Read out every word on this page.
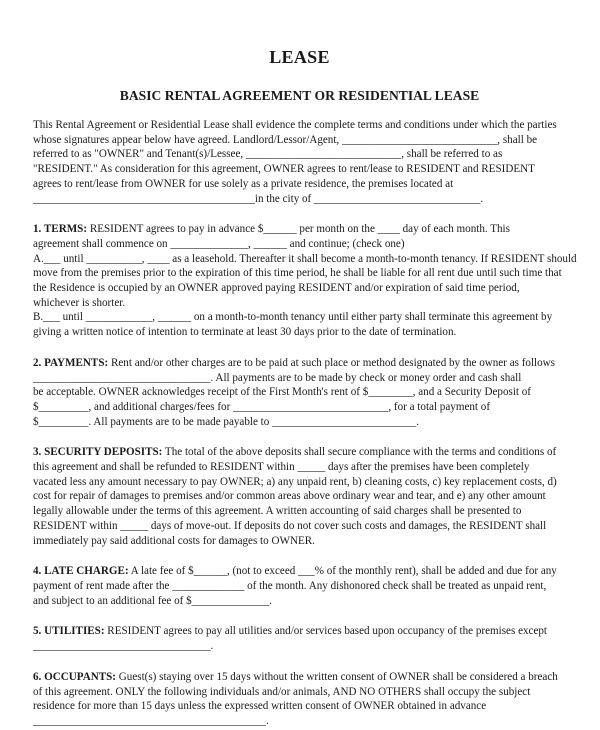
LEASE
BASIC RENTAL AGREEMENT OR RESIDENTIAL LEASE

This Rental Agreement or Residential Lease shall evidence the complete terms and conditions under which the parties
whose signatures appear below have agreed. Landlord/Lessor/Agent, ____________________________, shall be
referred to as "OWNER" and Tenant(s)/Lessee, ____________________________, shall be referred to as
"RESIDENT." As consideration for this agreement, OWNER agrees to rent/lease to RESIDENT and RESIDENT
agrees to rent/lease from OWNER for use solely as a private residence, the premises located at
________________________________________in the city of ______________________________.

1. TERMS: RESIDENT agrees to pay in advance $______ per month on the ____ day of each month. This
agreement shall commence on ______________, ______ and continue; (check one)
A.___ until __________, ____ as a leasehold. Thereafter it shall become a month-to-month tenancy. If RESIDENT should
move from the premises prior to the expiration of this time period, he shall be liable for all rent due until such time that
the Residence is occupied by an OWNER approved paying RESIDENT and/or expiration of said time period,
whichever is shorter.
B.___ until ____________, ______ on a month-to-month tenancy until either party shall terminate this agreement by
giving a written notice of intention to terminate at least 30 days prior to the date of termination.

2. PAYMENTS: Rent and/or other charges are to be paid at such place or method designated by the owner as follows
________________________________. All payments are to be made by check or money order and cash shall
be acceptable. OWNER acknowledges receipt of the First Month's rent of $________, and a Security Deposit of
$_________, and additional charges/fees for ____________________________, for a total payment of
$_________. All payments are to be made payable to __________________________.

3. SECURITY DEPOSITS: The total of the above deposits shall secure compliance with the terms and conditions of
this agreement and shall be refunded to RESIDENT within _____ days after the premises have been completely
vacated less any amount necessary to pay OWNER; a) any unpaid rent, b) cleaning costs, c) key replacement costs, d)
cost for repair of damages to premises and/or common areas above ordinary wear and tear, and e) any other amount
legally allowable under the terms of this agreement. A written accounting of said charges shall be presented to
RESIDENT within _____ days of move-out. If deposits do not cover such costs and damages, the RESIDENT shall
immediately pay said additional costs for damages to OWNER.

4. LATE CHARGE: A late fee of $______, (not to exceed ___% of the monthly rent), shall be added and due for any
payment of rent made after the _____________ of the month. Any dishonored check shall be treated as unpaid rent,
and subject to an additional fee of $______________.

5. UTILITIES: RESIDENT agrees to pay all utilities and/or services based upon occupancy of the premises except
________________________________.

6. OCCUPANTS: Guest(s) staying over 15 days without the written consent of OWNER shall be considered a breach
of this agreement. ONLY the following individuals and/or animals, AND NO OTHERS shall occupy the subject
residence for more than 15 days unless the expressed written consent of OWNER obtained in advance
__________________________________________.
